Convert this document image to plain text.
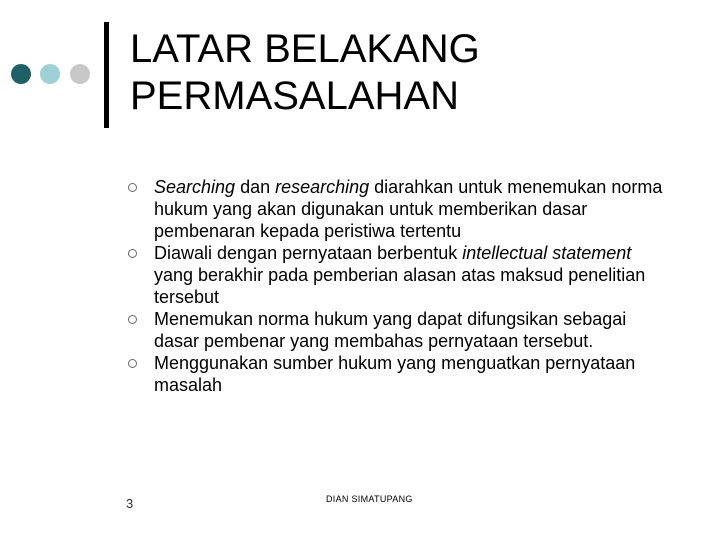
LATAR BELAKANG
PERMASALAHAN
Searching dan researching diarahkan untuk menemukan norma hukum yang akan digunakan untuk memberikan dasar pembenaran kepada peristiwa tertentu
Diawali dengan pernyataan berbentuk intellectual statement yang berakhir pada pemberian alasan atas maksud penelitian tersebut
Menemukan norma hukum yang dapat difungsikan sebagai dasar pembenar yang membahas pernyataan tersebut.
Menggunakan sumber hukum yang menguatkan pernyataan masalah
3	DIAN SIMATUPANG
